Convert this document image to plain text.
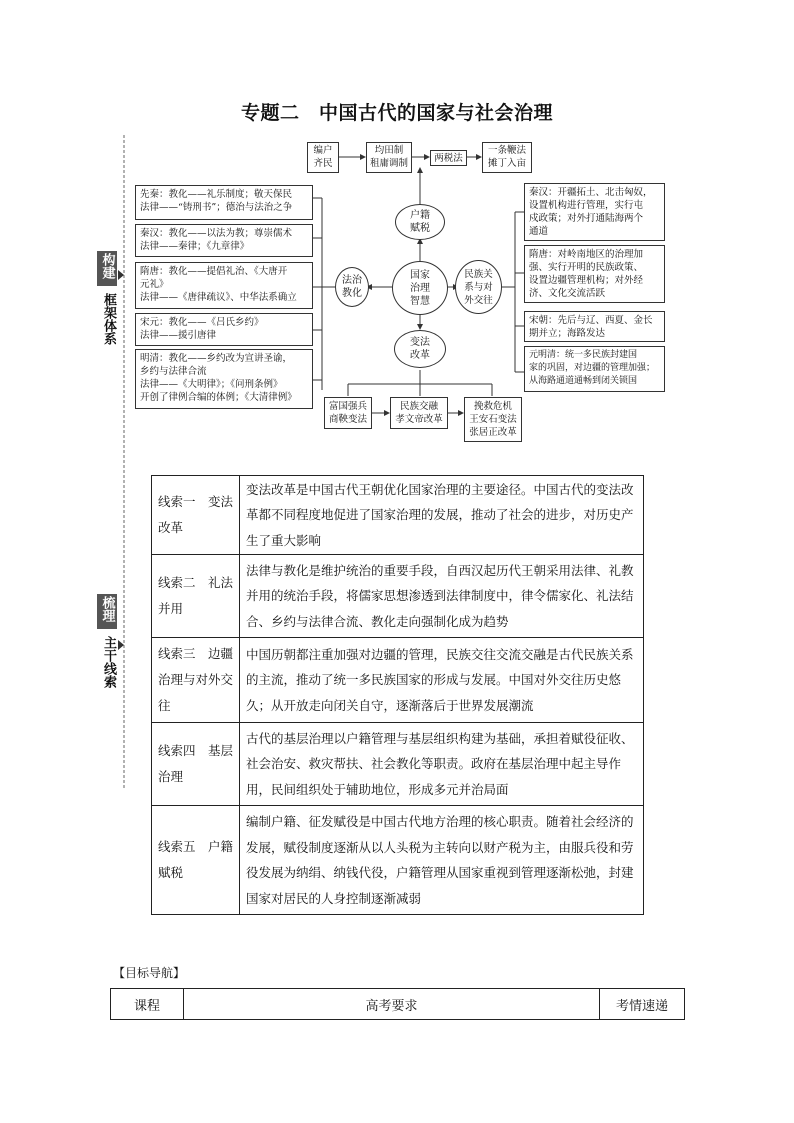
专题二　中国古代的国家与社会治理
构建
框架体系
梳理
主干线索
编户
齐民
均田制
租庸调制	两税法
一条鞭法
摊丁入亩
户籍
赋税
法治
教化
国家
治理
智慧
民族关
系与对
外交往
变法
改革
先秦：教化——礼乐制度；敬天保民
法律——“铸刑书”；德治与法治之争
秦汉：教化——以法为教；尊崇儒术
法律——秦律；《九章律》
隋唐：教化——提倡礼治、《大唐开
元礼》
法律——《唐律疏议》、中华法系确立
宋元：教化——《吕氏乡约》
法律——援引唐律
明清：教化——乡约改为宣讲圣谕，
乡约与法律合流
法律——《大明律》；《问刑条例》
开创了律例合编的体例；《大清律例》
秦汉：开疆拓土、北击匈奴，
设置机构进行管理，实行屯
戍政策；对外打通陆海两个
通道
隋唐：对岭南地区的治理加
强、实行开明的民族政策、
设置边疆管理机构；对外经
济、文化交流活跃
宋朝：先后与辽、西夏、金长
期并立；海路发达
元明清：统一多民族封建国
家的巩固，对边疆的管理加强；
从海路通道通畅到闭关锁国
富国强兵
商鞅变法
民族交融
孝文帝改革
挽救危机
王安石变法
张居正改革
线索一　变法改革	变法改革是中国古代王朝优化国家治理的主要途径。中国古代的变法改革都不同程度地促进了国家治理的发展，推动了社会的进步，对历史产生了重大影响
线索二　礼法并用	法律与教化是维护统治的重要手段，自西汉起历代王朝采用法律、礼教并用的统治手段，将儒家思想渗透到法律制度中，律令儒家化、礼法结合、乡约与法律合流、教化走向强制化成为趋势
线索三　边疆治理与对外交往	中国历朝都注重加强对边疆的管理，民族交往交流交融是古代民族关系的主流，推动了统一多民族国家的形成与发展。中国对外交往历史悠久；从开放走向闭关自守，逐渐落后于世界发展潮流
线索四　基层治理	古代的基层治理以户籍管理与基层组织构建为基础，承担着赋役征收、社会治安、救灾帮扶、社会教化等职责。政府在基层治理中起主导作用，民间组织处于辅助地位，形成多元并治局面
线索五　户籍赋税	编制户籍、征发赋役是中国古代地方治理的核心职责。随着社会经济的发展，赋役制度逐渐从以人头税为主转向以财产税为主，由服兵役和劳役发展为纳绢、纳钱代役，户籍管理从国家重视到管理逐渐松弛，封建国家对居民的人身控制逐渐减弱
【目标导航】
课程	高考要求	考情速递
